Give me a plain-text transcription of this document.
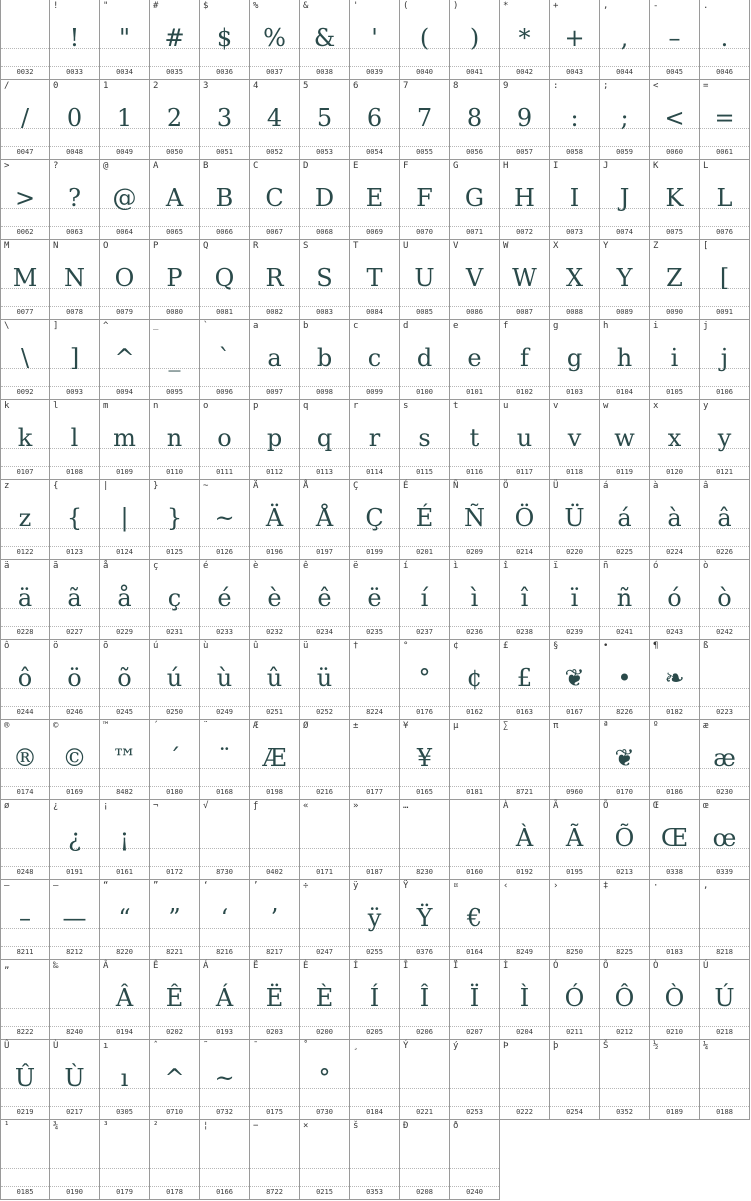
0032
!
!
0033
"
"
0034
#
#
0035
$
$
0036
%
%
0037
&
&
0038
'
'
0039
(
(
0040
)
)
0041
*
*
0042
+
+
0043
,
,
0044
-
–
0045
.
.
0046
/
/
0047
0
0
0048
1
1
0049
2
2
0050
3
3
0051
4
4
0052
5
5
0053
6
6
0054
7
7
0055
8
8
0056
9
9
0057
:
:
0058
;
;
0059
<
<
0060
=
=
0061
>
>
0062
?
?
0063
@
@
0064
A
A
0065
B
B
0066
C
C
0067
D
D
0068
E
E
0069
F
F
0070
G
G
0071
H
H
0072
I
I
0073
J
J
0074
K
K
0075
L
L
0076
M
M
0077
N
N
0078
O
O
0079
P
P
0080
Q
Q
0081
R
R
0082
S
S
0083
T
T
0084
U
U
0085
V
V
0086
W
W
0087
X
X
0088
Y
Y
0089
Z
Z
0090
[
[
0091
\
\
0092
]
]
0093
^
^
0094
_
_
0095
`
`
0096
a
a
0097
b
b
0098
c
c
0099
d
d
0100
e
e
0101
f
f
0102
g
g
0103
h
h
0104
i
i
0105
j
j
0106
k
k
0107
l
l
0108
m
m
0109
n
n
0110
o
o
0111
p
p
0112
q
q
0113
r
r
0114
s
s
0115
t
t
0116
u
u
0117
v
v
0118
w
w
0119
x
x
0120
y
y
0121
z
z
0122
{
{
0123
|
|
0124
}
}
0125
~
~
0126
Ä
Ä
0196
Å
Å
0197
Ç
Ç
0199
É
É
0201
Ñ
Ñ
0209
Ö
Ö
0214
Ü
Ü
0220
á
á
0225
à
à
0224
â
â
0226
ä
ä
0228
ã
ã
0227
å
å
0229
ç
ç
0231
é
é
0233
è
è
0232
ê
ê
0234
ë
ë
0235
í
í
0237
ì
ì
0236
î
î
0238
ï
ï
0239
ñ
ñ
0241
ó
ó
0243
ò
ò
0242
ô
ô
0244
ö
ö
0246
õ
õ
0245
ú
ú
0250
ù
ù
0249
û
û
0251
ü
ü
0252
†
8224
°
°
0176
¢
¢
0162
£
£
0163
§
❦
0167
•
•
8226
¶
❧
0182
ß
0223
®
®
0174
©
©
0169
™
™
8482
´
´
0180
¨
¨
0168
Æ
Æ
0198
Ø
0216
±
0177
¥
¥
0165
µ
0181
∑
8721
π
0960
ª
❦
0170
º
0186
æ
æ
0230
ø
0248
¿
¿
0191
¡
¡
0161
¬
0172
√
8730
ƒ
0402
«
0171
»
0187
…
8230	0160
À
À
0192
Ã
Ã
0195
Õ
Õ
0213
Œ
Œ
0338
œ
œ
0339
–
–
8211
—
—
8212
“
“
8220
”
”
8221
‘
‘
8216
’
’
8217
÷
0247
ÿ
ÿ
0255
Ÿ
Ÿ
0376
¤
€
0164
‹
8249
›
8250
‡
8225
·
0183
‚
8218
„
8222
‰
8240
Â
Â
0194
Ê
Ê
0202
Á
Á
0193
Ë
Ë
0203
È
È
0200
Í
Í
0205
Î
Î
0206
Ï
Ï
0207
Ì
Ì
0204
Ó
Ó
0211
Ô
Ô
0212
Ò
Ò
0210
Ú
Ú
0218
Û
Û
0219
Ù
Ù
0217
ı
ı
0305
ˆ
^
0710
˜
~
0732
¯
0175
˚
°
0730
¸
0184
Ý
0221
ý
0253
Þ
0222
þ
0254
Š
0352
½
0189
¼
0188
¹
0185
¾
0190
³
0179
²
0178
¦
0166
−
8722
×
0215
š
0353
Ð
0208
ð
0240
